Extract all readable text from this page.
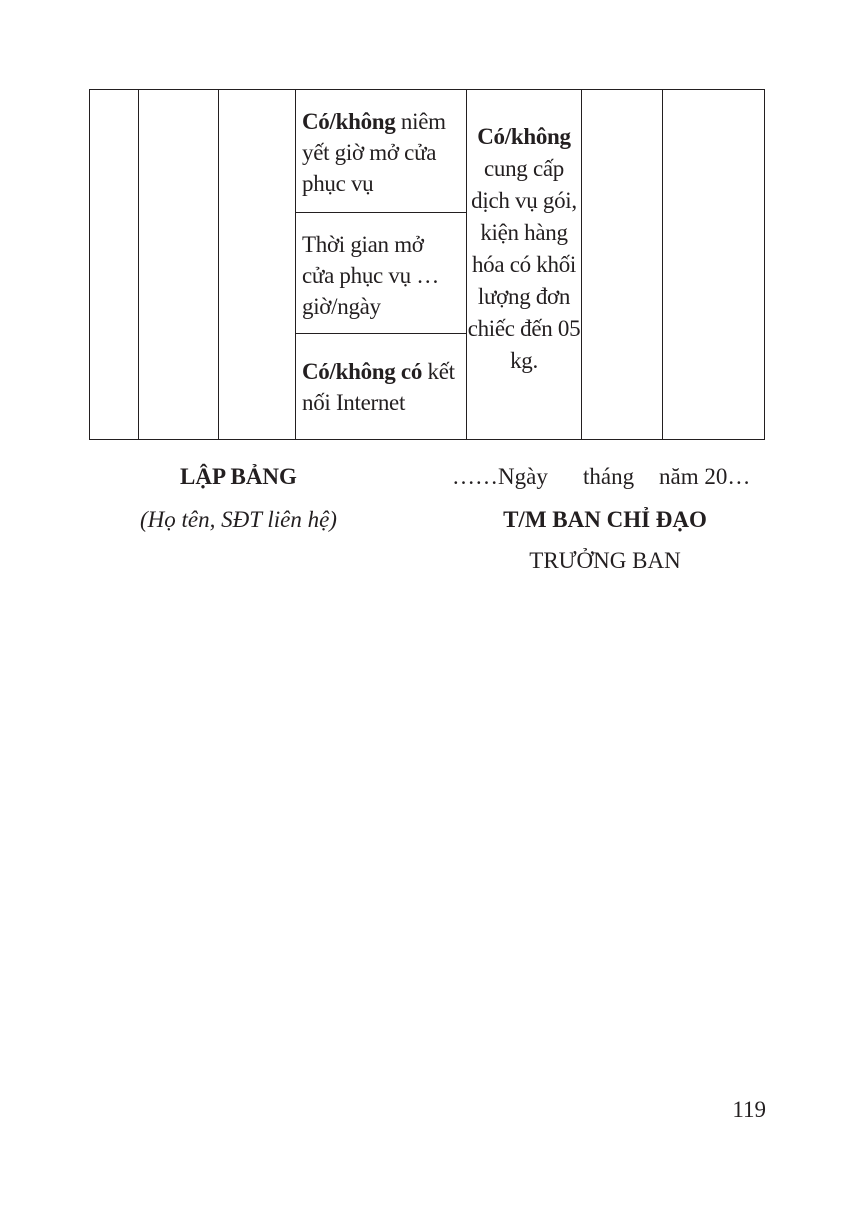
Có/không niêm yết giờ mở cửa phục vụ
Thời gian mở cửa phục vụ … giờ/ngày
Có/không có kết nối Internet
Có/không
cung cấp dịch vụ gói, kiện hàng hóa có khối lượng đơn chiếc đến 05 kg.
LẬP BẢNG
(Họ tên, SĐT liên hệ)
……Ngày tháng năm 20…
T/M BAN CHỈ ĐẠO
TRƯỞNG BAN
119
